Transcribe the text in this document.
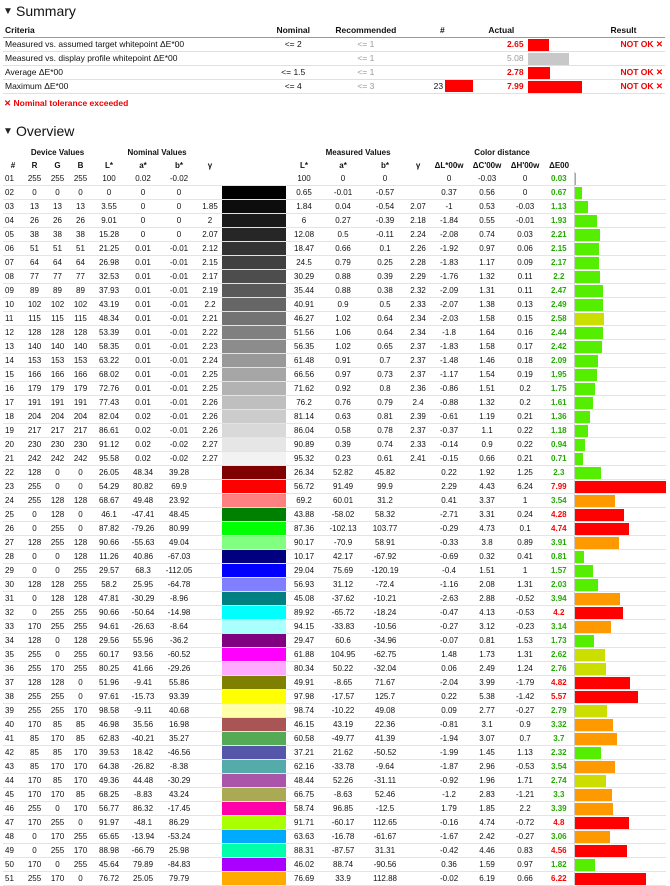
▼ Summary
Criteria	Nominal	Recommended	#	Actual		Result
Measured vs. assumed target whitepoint ΔE*00	<= 2	<= 1		2.65		NOT OK ✕
Measured vs. display profile whitepoint ΔE*00		<= 1		5.08	

Average ΔE*00	<= 1.5	<= 1		2.78		NOT OK ✕
Maximum ΔE*00	<= 4	<= 3	23	7.99		NOT OK ✕
✕ Nominal tolerance exceeded
▼ Overview
	Device Values			Nominal Values					Measured Values				Color distance				
#	R	G	B	L*	a*	b*	γ		L*	a*	b*	γ	ΔL*00w	ΔC'00w	ΔH'00w	ΔE00	
01	255	255	255	100	0.02	-0.02			100	0	0		0	-0.03	0	0.03	

02	0	0	0	0	0	0			0.65	-0.01	-0.57		0.37	0.56	0	0.67	

03	13	13	13	3.55	0	0	1.85		1.84	0.04	-0.54	2.07	-1	0.53	-0.03	1.13	

04	26	26	26	9.01	0	0	2		6	0.27	-0.39	2.18	-1.84	0.55	-0.01	1.93	

05	38	38	38	15.28	0	0	2.07		12.08	0.5	-0.11	2.24	-2.08	0.74	0.03	2.21	

06	51	51	51	21.25	0.01	-0.01	2.12		18.47	0.66	0.1	2.26	-1.92	0.97	0.06	2.15	

07	64	64	64	26.98	0.01	-0.01	2.15		24.5	0.79	0.25	2.28	-1.83	1.17	0.09	2.17	

08	77	77	77	32.53	0.01	-0.01	2.17		30.29	0.88	0.39	2.29	-1.76	1.32	0.11	2.2	

09	89	89	89	37.93	0.01	-0.01	2.19		35.44	0.88	0.38	2.32	-2.09	1.31	0.11	2.47	

10	102	102	102	43.19	0.01	-0.01	2.2		40.91	0.9	0.5	2.33	-2.07	1.38	0.13	2.49	

11	115	115	115	48.34	0.01	-0.01	2.21		46.27	1.02	0.64	2.34	-2.03	1.58	0.15	2.58	

12	128	128	128	53.39	0.01	-0.01	2.22		51.56	1.06	0.64	2.34	-1.8	1.64	0.16	2.44	

13	140	140	140	58.35	0.01	-0.01	2.23		56.35	1.02	0.65	2.37	-1.83	1.58	0.17	2.42	

14	153	153	153	63.22	0.01	-0.01	2.24		61.48	0.91	0.7	2.37	-1.48	1.46	0.18	2.09	

15	166	166	166	68.02	0.01	-0.01	2.25		66.56	0.97	0.73	2.37	-1.17	1.54	0.19	1.95	

16	179	179	179	72.76	0.01	-0.01	2.25		71.62	0.92	0.8	2.36	-0.86	1.51	0.2	1.75	

17	191	191	191	77.43	0.01	-0.01	2.26		76.2	0.76	0.79	2.4	-0.88	1.32	0.2	1.61	

18	204	204	204	82.04	0.02	-0.01	2.26		81.14	0.63	0.81	2.39	-0.61	1.19	0.21	1.36	

19	217	217	217	86.61	0.02	-0.01	2.26		86.04	0.58	0.78	2.37	-0.37	1.1	0.22	1.18	

20	230	230	230	91.12	0.02	-0.02	2.27		90.89	0.39	0.74	2.33	-0.14	0.9	0.22	0.94	

21	242	242	242	95.58	0.02	-0.02	2.27		95.32	0.23	0.61	2.41	-0.15	0.66	0.21	0.71	

22	128	0	0	26.05	48.34	39.28			26.34	52.82	45.82		0.22	1.92	1.25	2.3	

23	255	0	0	54.29	80.82	69.9			56.72	91.49	99.9		2.29	4.43	6.24	7.99	

24	255	128	128	68.67	49.48	23.92			69.2	60.01	31.2		0.41	3.37	1	3.54	

25	0	128	0	46.1	-47.41	48.45			43.88	-58.02	58.32		-2.71	3.31	0.24	4.28	

26	0	255	0	87.82	-79.26	80.99			87.36	-102.13	103.77		-0.29	4.73	0.1	4.74	

27	128	255	128	90.66	-55.63	49.04			90.17	-70.9	58.91		-0.33	3.8	0.89	3.91	

28	0	0	128	11.26	40.86	-67.03			10.17	42.17	-67.92		-0.69	0.32	0.41	0.81	

29	0	0	255	29.57	68.3	-112.05			29.04	75.69	-120.19		-0.4	1.51	1	1.57	

30	128	128	255	58.2	25.95	-64.78			56.93	31.12	-72.4		-1.16	2.08	1.31	2.03	

31	0	128	128	47.81	-30.29	-8.96			45.08	-37.62	-10.21		-2.63	2.88	-0.52	3.94	

32	0	255	255	90.66	-50.64	-14.98			89.92	-65.72	-18.24		-0.47	4.13	-0.53	4.2	

33	170	255	255	94.61	-26.63	-8.64			94.15	-33.83	-10.56		-0.27	3.12	-0.23	3.14	

34	128	0	128	29.56	55.96	-36.2			29.47	60.6	-34.96		-0.07	0.81	1.53	1.73	

35	255	0	255	60.17	93.56	-60.52			61.88	104.95	-62.75		1.48	1.73	1.31	2.62	

36	255	170	255	80.25	41.66	-29.26			80.34	50.22	-32.04		0.06	2.49	1.24	2.76	

37	128	128	0	51.96	-9.41	55.86			49.91	-8.65	71.67		-2.04	3.99	-1.79	4.82	

38	255	255	0	97.61	-15.73	93.39			97.98	-17.57	125.7		0.22	5.38	-1.42	5.57	

39	255	255	170	98.58	-9.11	40.68			98.74	-10.22	49.08		0.09	2.77	-0.27	2.79	

40	170	85	85	46.98	35.56	16.98			46.15	43.19	22.36		-0.81	3.1	0.9	3.32	

41	85	170	85	62.83	-40.21	35.27			60.58	-49.77	41.39		-1.94	3.07	0.7	3.7	

42	85	85	170	39.53	18.42	-46.56			37.21	21.62	-50.52		-1.99	1.45	1.13	2.32	

43	85	170	170	64.38	-26.82	-8.38			62.16	-33.78	-9.64		-1.87	2.96	-0.53	3.54	

44	170	85	170	49.36	44.48	-30.29			48.44	52.26	-31.11		-0.92	1.96	1.71	2.74	

45	170	170	85	68.25	-8.83	43.24			66.75	-8.63	52.46		-1.2	2.83	-1.21	3.3	

46	255	0	170	56.77	86.32	-17.45			58.74	96.85	-12.5		1.79	1.85	2.2	3.39	

47	170	255	0	91.97	-48.1	86.29			91.71	-60.17	112.65		-0.16	4.74	-0.72	4.8	

48	0	170	255	65.65	-13.94	-53.24			63.63	-16.78	-61.67		-1.67	2.42	-0.27	3.06	

49	0	255	170	88.98	-66.79	25.98			88.31	-87.57	31.31		-0.42	4.46	0.83	4.56	

50	170	0	255	45.64	79.89	-84.83			46.02	88.74	-90.56		0.36	1.59	0.97	1.82	

51	255	170	0	76.72	25.05	79.79			76.69	33.9	112.88		-0.02	6.19	0.66	6.22	
